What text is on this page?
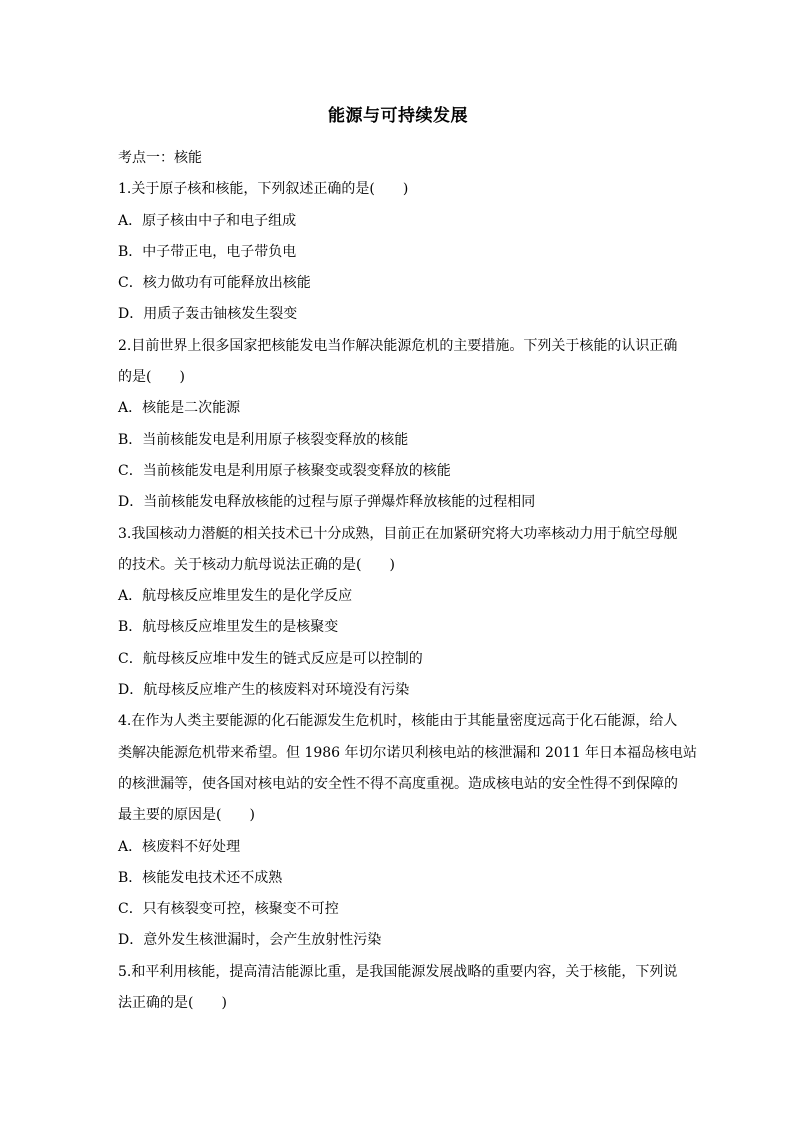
能源与可持续发展
考点一：核能
1.关于原子核和核能，下列叙述正确的是(　　)
A．原子核由中子和电子组成
B．中子带正电，电子带负电
C．核力做功有可能释放出核能
D．用质子轰击铀核发生裂变
2.目前世界上很多国家把核能发电当作解决能源危机的主要措施。下列关于核能的认识正确
的是(　　)
A．核能是二次能源
B．当前核能发电是利用原子核裂变释放的核能
C．当前核能发电是利用原子核聚变或裂变释放的核能
D．当前核能发电释放核能的过程与原子弹爆炸释放核能的过程相同
3.我国核动力潜艇的相关技术已十分成熟，目前正在加紧研究将大功率核动力用于航空母舰
的技术。关于核动力航母说法正确的是(　　)
A．航母核反应堆里发生的是化学反应
B．航母核反应堆里发生的是核聚变
C．航母核反应堆中发生的链式反应是可以控制的
D．航母核反应堆产生的核废料对环境没有污染
4.在作为人类主要能源的化石能源发生危机时，核能由于其能量密度远高于化石能源，给人
类解决能源危机带来希望。但 1986 年切尔诺贝利核电站的核泄漏和 2011 年日本福岛核电站
的核泄漏等，使各国对核电站的安全性不得不高度重视。造成核电站的安全性得不到保障的
最主要的原因是(　　)
A．核废料不好处理
B．核能发电技术还不成熟
C．只有核裂变可控，核聚变不可控
D．意外发生核泄漏时，会产生放射性污染
5.和平利用核能，提高清洁能源比重，是我国能源发展战略的重要内容，关于核能，下列说
法正确的是(　　)
